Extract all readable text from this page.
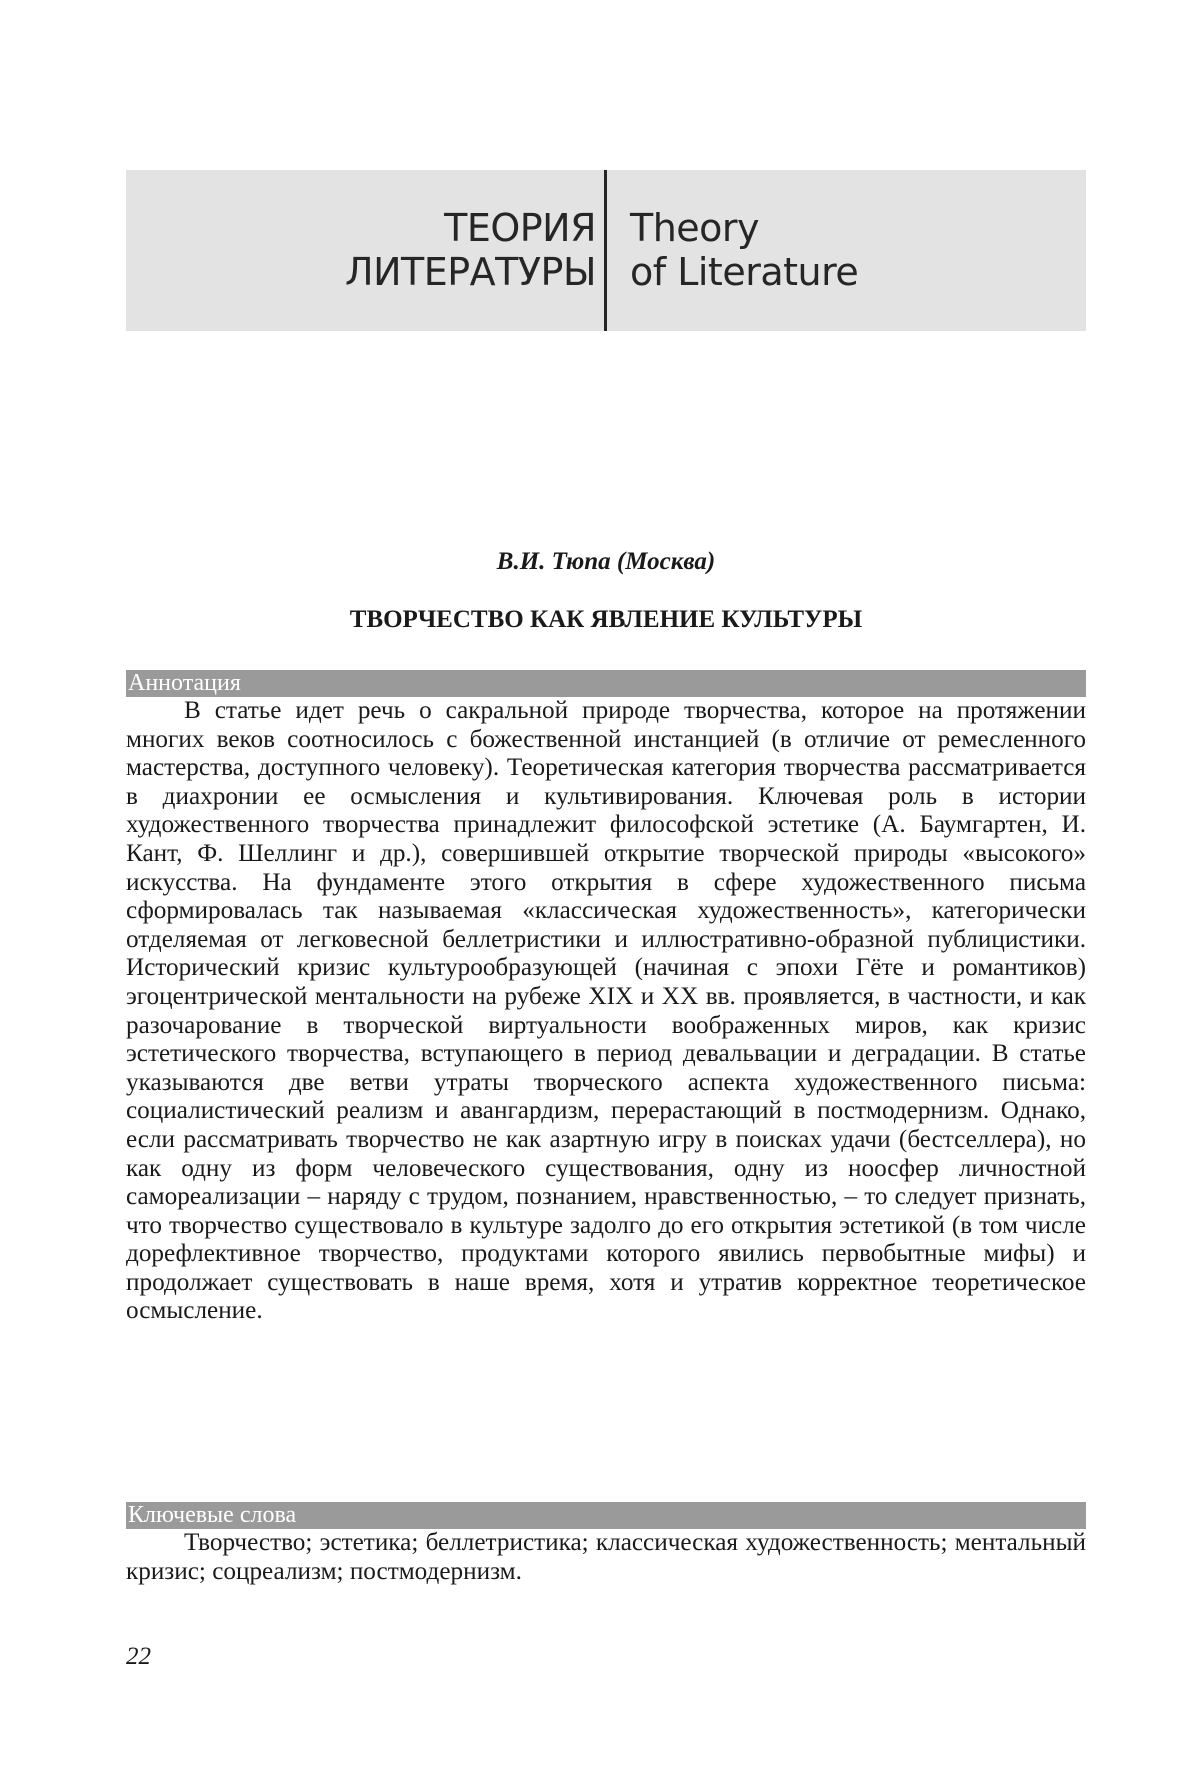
ТЕОРИЯ
ЛИТЕРАТУРЫ
Theory
of Literature
В.И. Тюпа (Москва)
ТВОРЧЕСТВО КАК ЯВЛЕНИЕ КУЛЬТУРЫ
Аннотация

В статье идет речь о сакральной природе творчества, которое на протяжении многих веков соотносилось с божественной инстанцией (в отличие от ремесленного мастерства, доступного человеку). Теоретическая категория творчества рассматривается в диахронии ее осмысления и культивирования. Ключевая роль в истории художественного творчества принадлежит философской эстетике (А. Баумгартен, И. Кант, Ф. Шеллинг и др.), совершившей открытие творческой природы «высокого» искусства. На фундаменте этого открытия в сфере художественного письма сформировалась так называемая «классическая художественность», категорически отделяемая от легковесной беллетристики и иллюстративно-образной публицистики. Исторический кризис культурообразующей (начиная с эпохи Гёте и романтиков) эгоцентрической ментальности на рубеже XIX и XX вв. проявляется, в частности, и как разочарование в творческой виртуальности воображенных миров, как кризис эстетического творчества, вступающего в период девальвации и деградации. В статье указываются две ветви утраты творческого аспекта художественного письма: социалистический реализм и авангардизм, перерастающий в постмодернизм. Однако, если рассматривать творчество не как азартную игру в поисках удачи (бестселлера), но как одну из форм человеческого существования, одну из ноосфер личностной самореализации – наряду с трудом, познанием, нравственностью, – то следует признать, что творчество существовало в культуре задолго до его открытия эстетикой (в том числе дорефлективное творчество, продуктами которого явились первобытные мифы) и продолжает существовать в наше время, хотя и утратив корректное теоретическое осмысление.

Ключевые слова

Творчество; эстетика; беллетристика; классическая художественность; ментальный кризис; соцреализм; постмодернизм.

22
